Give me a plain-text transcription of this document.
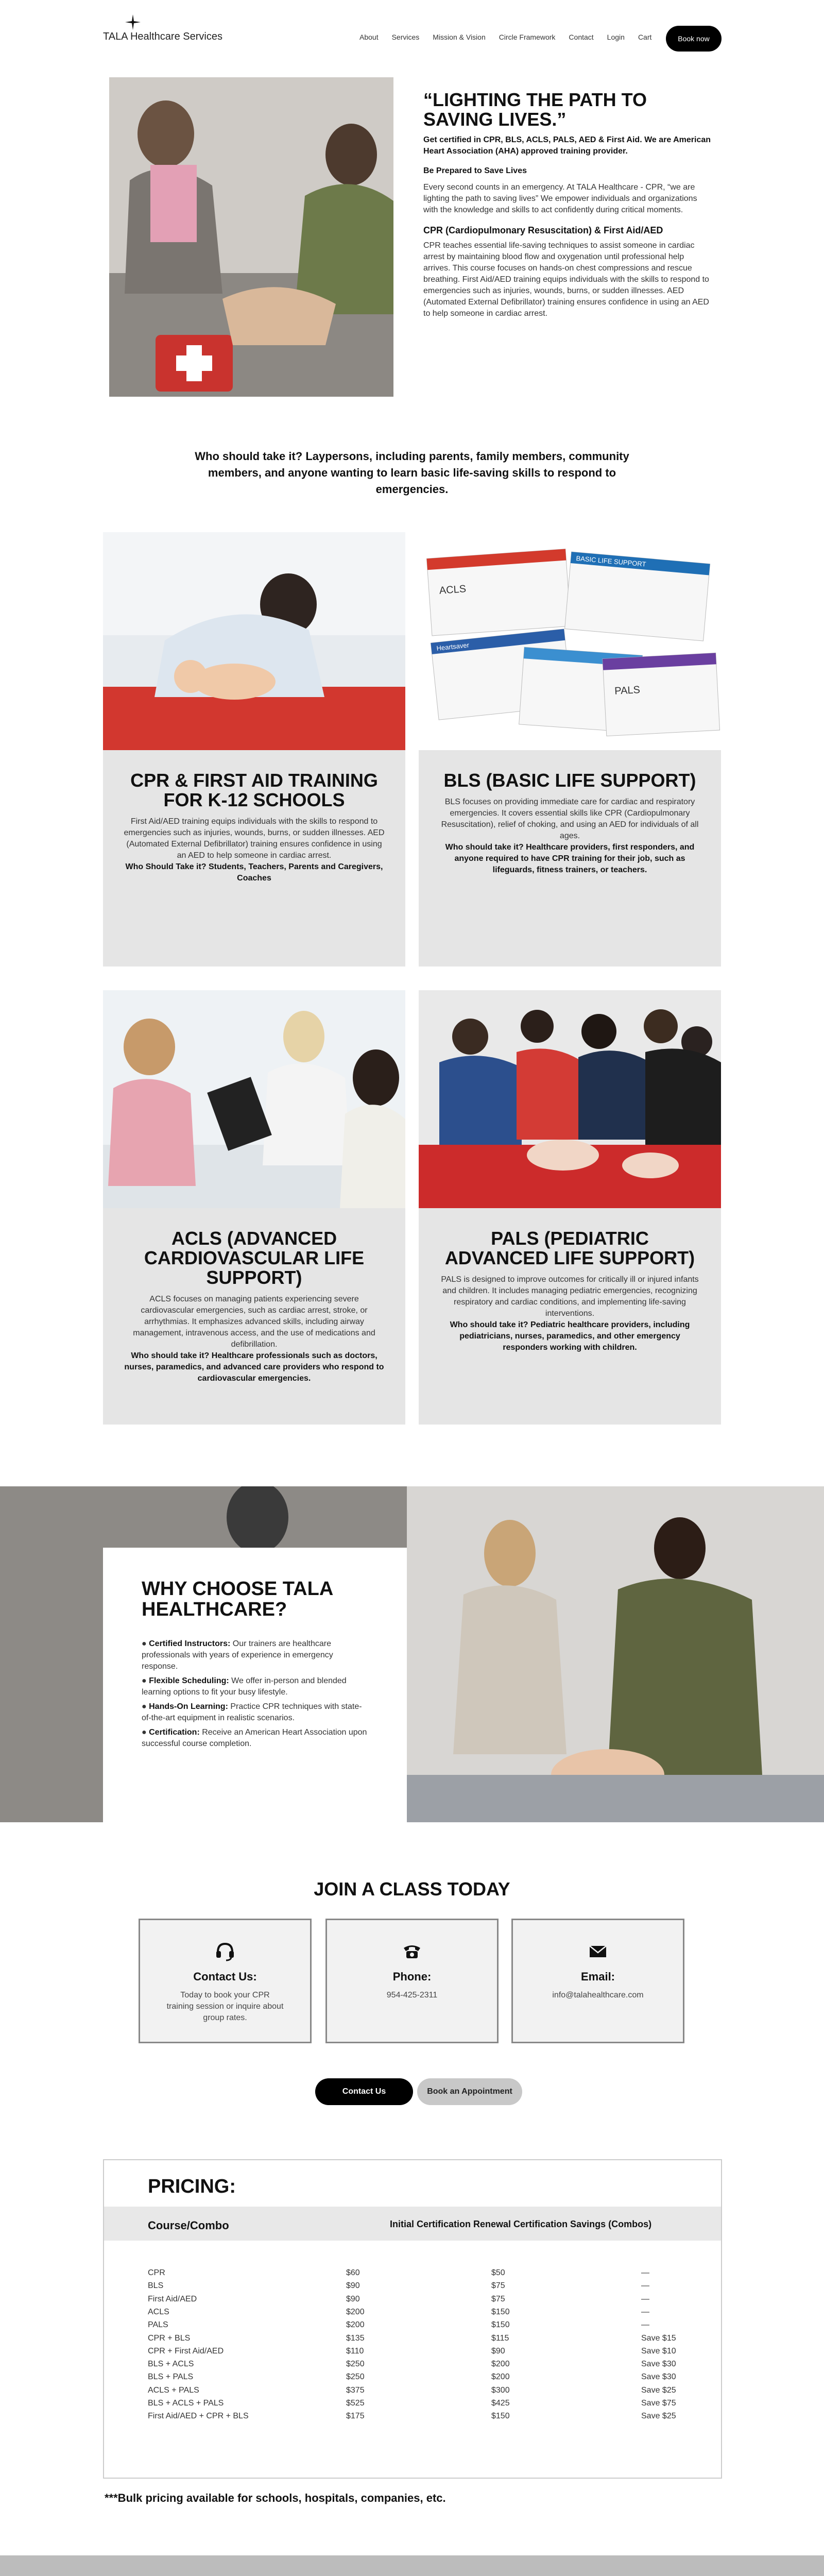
TALA Healthcare Services	About Services Mission & Vision Circle Framework Contact Login Cart	Book now
“LIGHTING THE PATH TO SAVING LIVES.”

Get certified in CPR, BLS, ACLS, PALS, AED & First Aid. We are American Heart Association (AHA) approved training provider.

Be Prepared to Save Lives

Every second counts in an emergency. At TALA Healthcare - CPR, “we are lighting the path to saving lives” We empower individuals and organizations with the knowledge and skills to act confidently during critical moments.

CPR (Cardiopulmonary Resuscitation) & First Aid/AED

CPR teaches essential life-saving techniques to assist someone in cardiac arrest by maintaining blood flow and oxygenation until professional help arrives. This course focuses on hands-on chest compressions and rescue breathing. First Aid/AED training equips individuals with the skills to respond to emergencies such as injuries, wounds, burns, or sudden illnesses. AED (Automated External Defibrillator) training ensures confidence in using an AED to help someone in cardiac arrest.

Who should take it? Laypersons, including parents, family members, community members, and anyone wanting to learn basic life-saving skills to respond to emergencies.
CPR & FIRST AID TRAINING FOR K-12 SCHOOLS

First Aid/AED training equips individuals with the skills to respond to emergencies such as injuries, wounds, burns, or sudden illnesses. AED (Automated External Defibrillator) training ensures confidence in using an AED to help someone in cardiac arrest.

Who Should Take it? Students, Teachers, Parents and Caregivers, Coaches

ACLS
BASIC LIFE SUPPORT
Heartsaver
PALS
BLS (BASIC LIFE SUPPORT)

BLS focuses on providing immediate care for cardiac and respiratory emergencies. It covers essential skills like CPR (Cardiopulmonary Resuscitation), relief of choking, and using an AED for individuals of all ages.

Who should take it? Healthcare providers, first responders, and anyone required to have CPR training for their job, such as lifeguards, fitness trainers, or teachers.

ACLS (ADVANCED CARDIOVASCULAR LIFE SUPPORT)

ACLS focuses on managing patients experiencing severe cardiovascular emergencies, such as cardiac arrest, stroke, or arrhythmias. It emphasizes advanced skills, including airway management, intravenous access, and the use of medications and defibrillation.

Who should take it? Healthcare professionals such as doctors, nurses, paramedics, and advanced care providers who respond to cardiovascular emergencies.

PALS (PEDIATRIC ADVANCED LIFE SUPPORT)

PALS is designed to improve outcomes for critically ill or injured infants and children. It includes managing pediatric emergencies, recognizing respiratory and cardiac conditions, and implementing life-saving interventions.

Who should take it? Pediatric healthcare providers, including pediatricians, nurses, paramedics, and other emergency responders working with children.

WHY CHOOSE TALA HEALTHCARE?

● Certified Instructors: Our trainers are healthcare professionals with years of experience in emergency response.

● Flexible Scheduling: We offer in-person and blended learning options to fit your busy lifestyle.

● Hands-On Learning: Practice CPR techniques with state-of-the-art equipment in realistic scenarios.

● Certification: Receive an American Heart Association upon successful course completion.

JOIN A CLASS TODAY
Contact Us:
Today to book your CPR training session or inquire about group rates.
Phone:
954-425-2311
Email:
info@talahealthcare.com
Contact Us	Book an Appointment
PRICING:
Course/Combo	Initial Certification Renewal Certification Savings (Combos)
CPR	$60	$50	—
BLS	$90	$75	—
First Aid/AED	$90	$75	—
ACLS	$200	$150	—
PALS	$200	$150	—
CPR + BLS	$135	$115	Save $15
CPR + First Aid/AED	$110	$90	Save $10
BLS + ACLS	$250	$200	Save $30
BLS + PALS	$250	$200	Save $30
ACLS + PALS	$375	$300	Save $25
BLS + ACLS + PALS	$525	$425	Save $75
First Aid/AED + CPR + BLS	$175	$150	Save $25
***Bulk pricing available for schools, hospitals, companies, etc.
